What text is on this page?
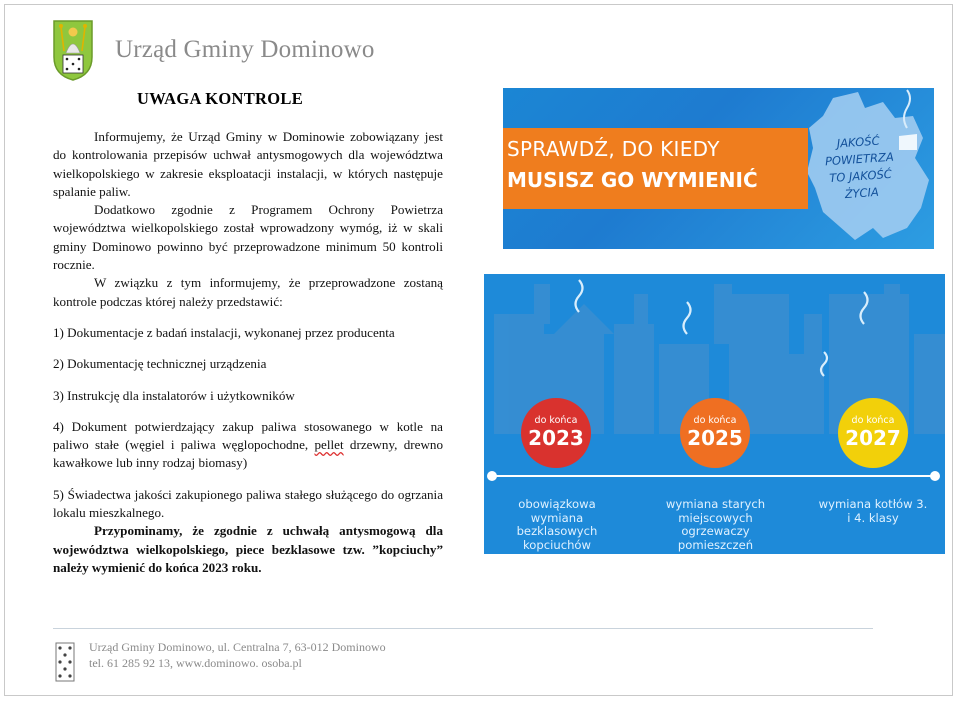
Urząd Gminy Dominowo
UWAGA KONTROLE

Informujemy, że Urząd Gminy w Dominowie zobowiązany jest do kontrolowania przepisów uchwał antysmogowych dla województwa wielkopolskiego w zakresie eksploatacji instalacji, w których następuje spalanie paliw.

Dodatkowo zgodnie z Programem Ochrony Powietrza województwa wielkopolskiego został wprowadzony wymóg, iż w skali gminy Dominowo powinno być przeprowadzone minimum 50 kontroli rocznie.

W związku z tym informujemy, że przeprowadzone zostaną kontrole podczas której należy przedstawić:

1) Dokumentacje z badań instalacji, wykonanej przez producenta

2) Dokumentację technicznej urządzenia

3) Instrukcję dla instalatorów i użytkowników

4) Dokument potwierdzający zakup paliwa stosowanego w kotle na paliwo stałe (węgiel i paliwa węglopochodne, pellet drzewny, drewno kawałkowe lub inny rodzaj biomasy)

5) Świadectwa jakości zakupionego paliwa stałego służącego do ogrzania lokalu mieszkalnego.

Przypominamy, że zgodnie z uchwałą antysmogową dla województwa wielkopolskiego, piece bezklasowe tzw. ”kopciuchy” należy wymienić do końca 2023 roku.

SPRAWDŹ, DO KIEDY
MUSISZ GO WYMIENIĆ
JAKOŚĆ
POWIETRZA
TO JAKOŚĆ
ŻYCIA
do końca
2023
do końca
2025
do końca
2027
obowiązkowa wymiana bezklasowych kopciuchów
wymiana starych miejscowych ogrzewaczy pomieszczeń
wymiana kotłów 3. i 4. klasy
Urząd Gminy Dominowo, ul. Centralna 7, 63-012 Dominowo
tel. 61 285 92 13, www.dominowo. osoba.pl
